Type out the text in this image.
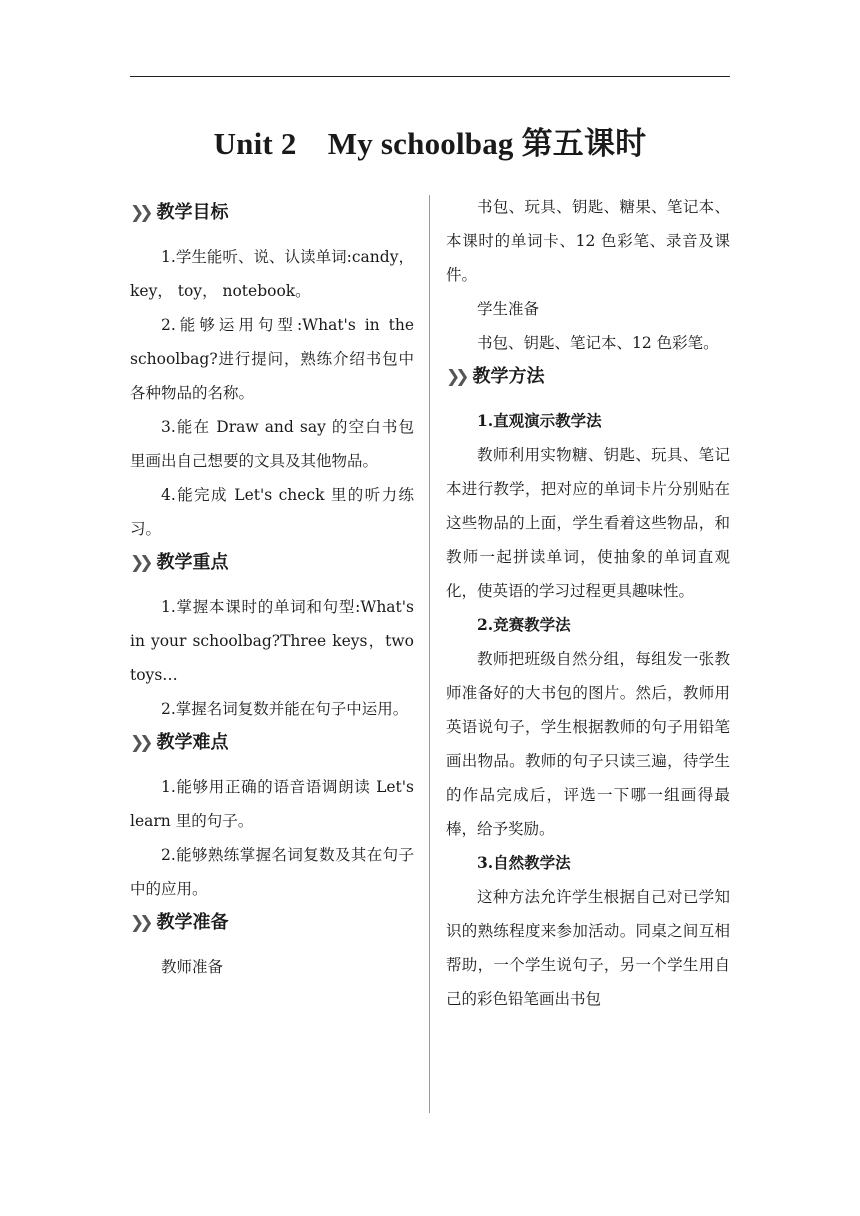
Unit 2　My schoolbag 第五课时
❯❯ 教学目标

1.学生能听、说、认读单词:candy，key， toy， notebook。

2.能够运用句型:What's in the schoolbag?进行提问，熟练介绍书包中各种物品的名称。

3.能在 Draw and say 的空白书包里画出自己想要的文具及其他物品。

4.能完成 Let's check 里的听力练习。

❯❯ 教学重点

1.掌握本课时的单词和句型:What's in your schoolbag?Three keys，two toys…

2.掌握名词复数并能在句子中运用。

❯❯ 教学难点

1.能够用正确的语音语调朗读 Let's learn 里的句子。

2.能够熟练掌握名词复数及其在句子中的应用。

❯❯ 教学准备

教师准备

书包、玩具、钥匙、糖果、笔记本、本课时的单词卡、12 色彩笔、录音及课件。

学生准备

书包、钥匙、笔记本、12 色彩笔。

❯❯ 教学方法

1.直观演示教学法

教师利用实物糖、钥匙、玩具、笔记本进行教学，把对应的单词卡片分别贴在这些物品的上面，学生看着这些物品，和教师一起拼读单词，使抽象的单词直观化，使英语的学习过程更具趣味性。

2.竞赛教学法

教师把班级自然分组，每组发一张教师准备好的大书包的图片。然后，教师用英语说句子，学生根据教师的句子用铅笔画出物品。教师的句子只读三遍，待学生的作品完成后，评选一下哪一组画得最棒，给予奖励。

3.自然教学法

这种方法允许学生根据自己对已学知识的熟练程度来参加活动。同桌之间互相帮助，一个学生说句子，另一个学生用自己的彩色铅笔画出书包
